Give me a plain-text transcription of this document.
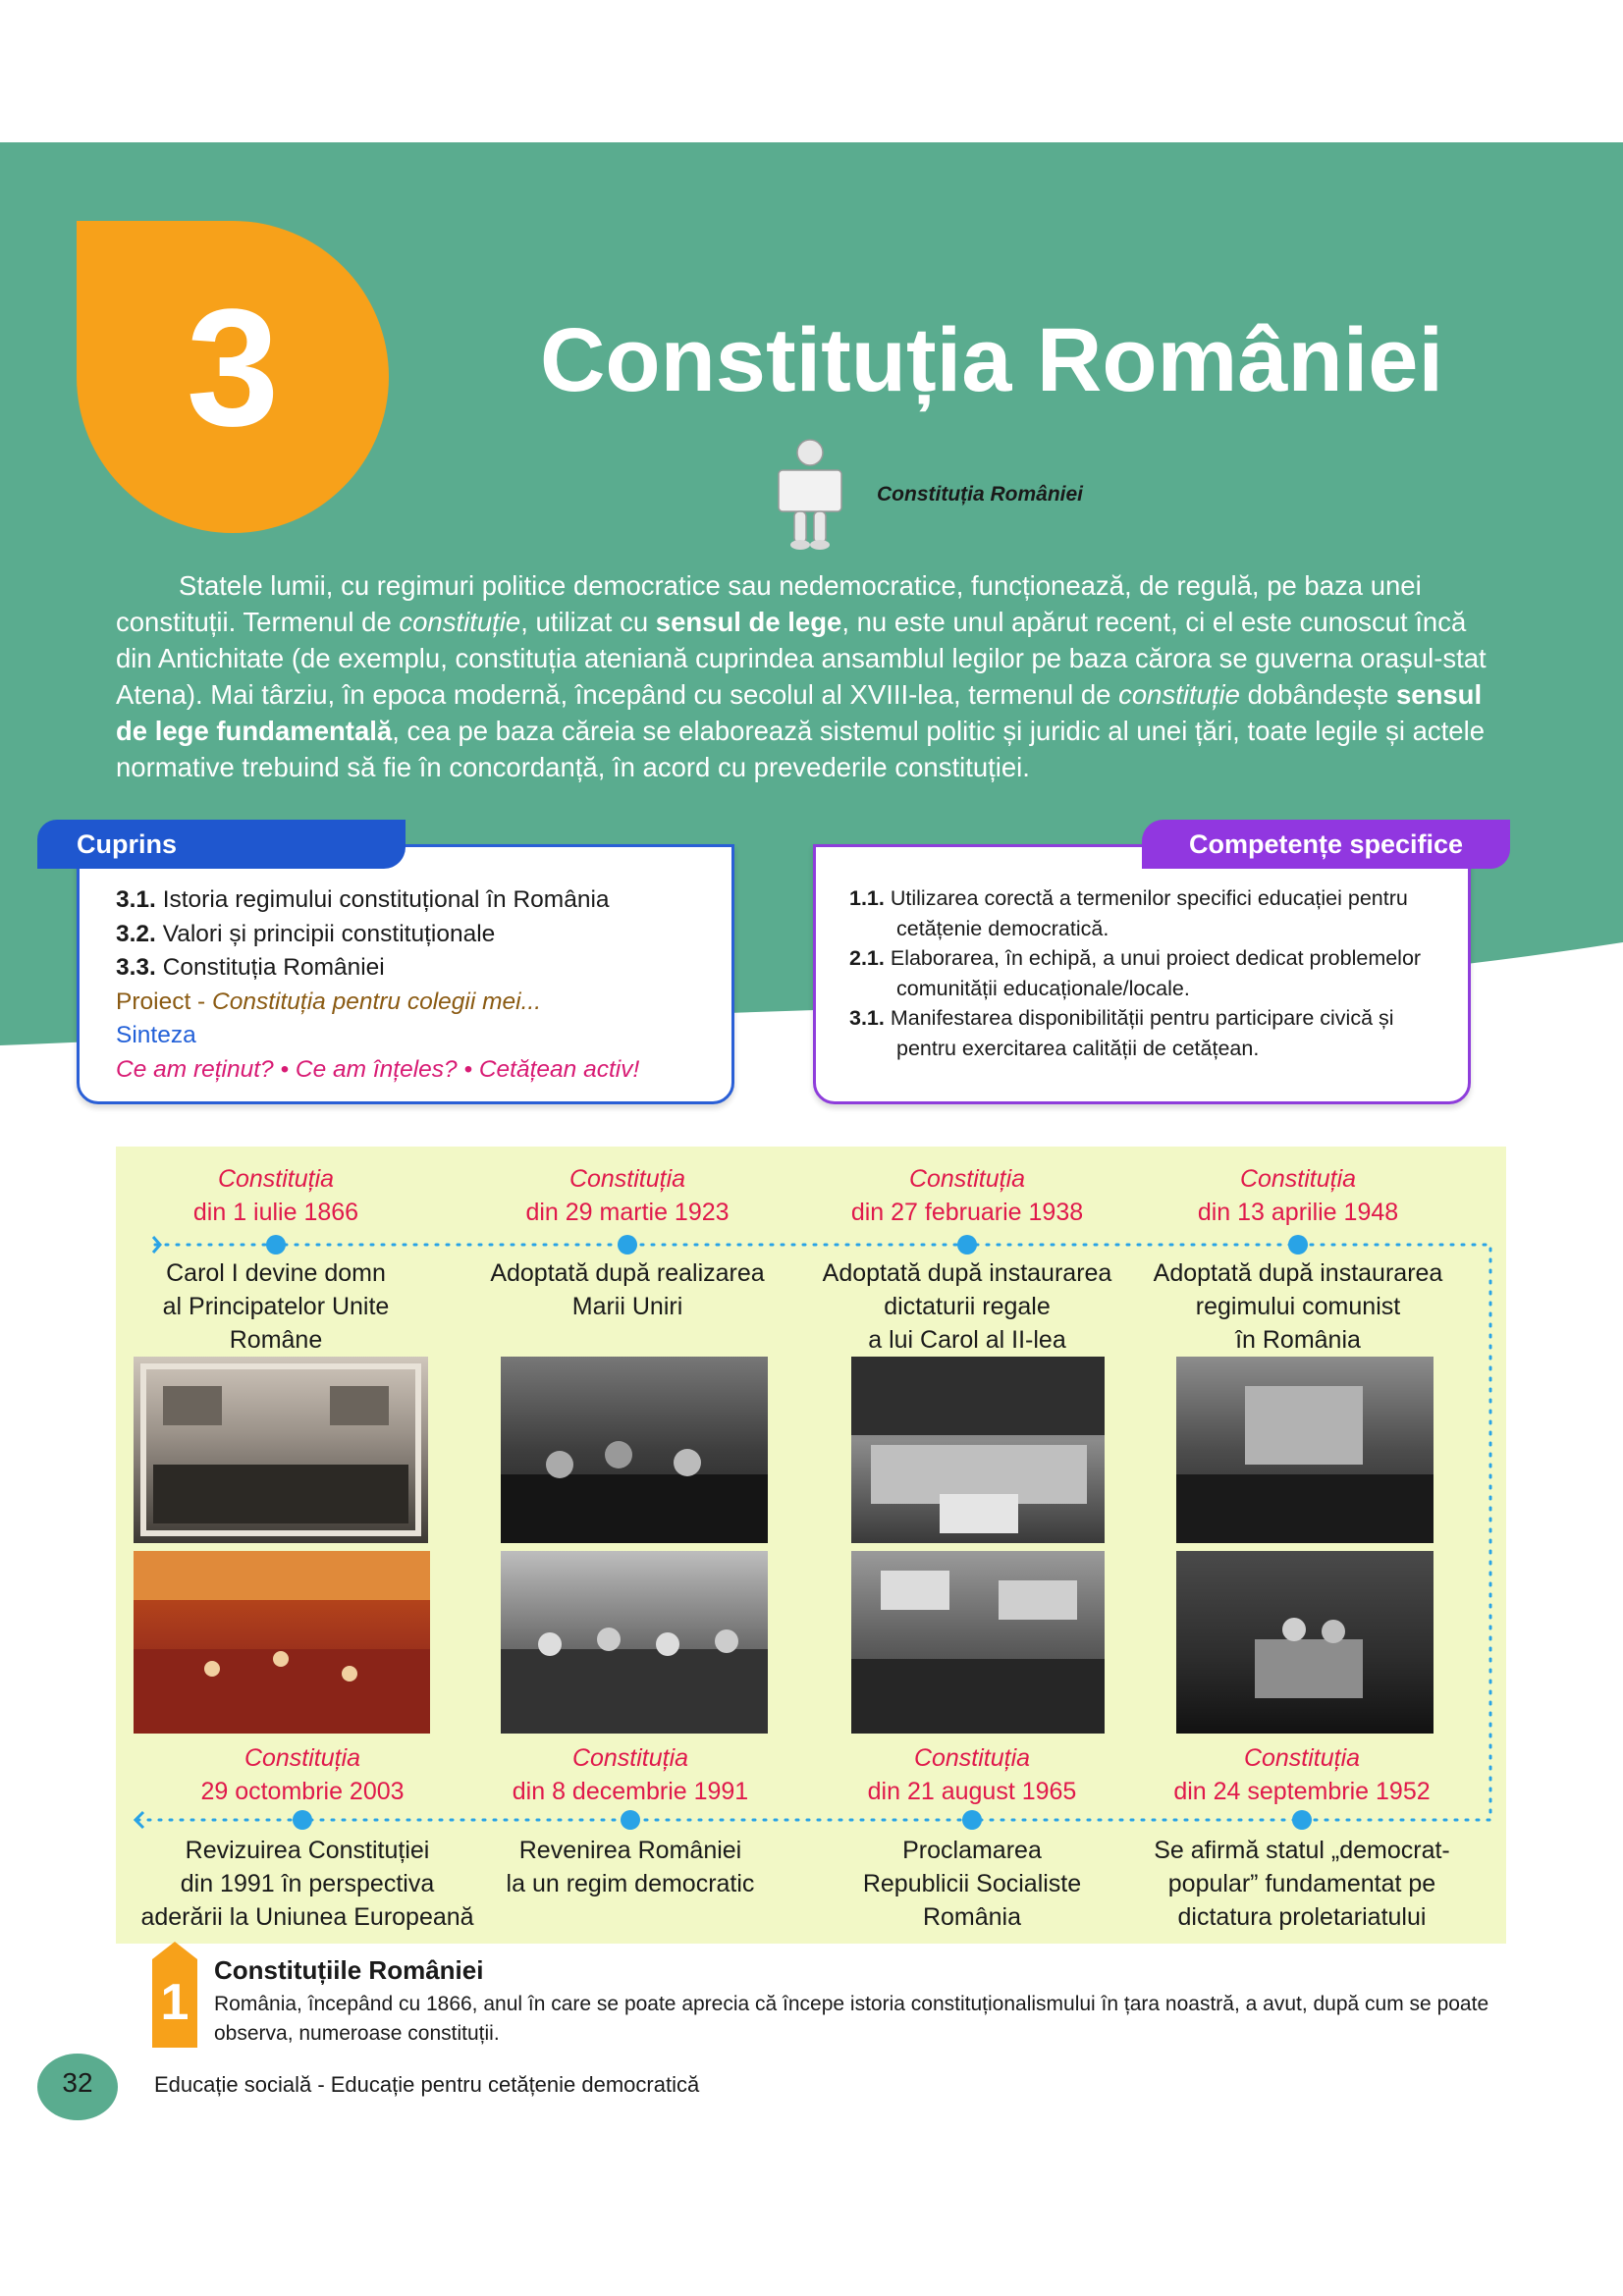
3	Constituția României
Constituția României

Statele lumii, cu regimuri politice democratice sau nedemocratice, funcționează, de regulă, pe baza unei constituții. Termenul de constituție, utilizat cu sensul de lege, nu este unul apărut recent, ci el este cunoscut încă din Antichitate (de exemplu, constituția ateniană cuprindea ansamblul legilor pe baza cărora se guverna orașul-stat Atena). Mai târziu, în epoca modernă, începând cu secolul al XVIII-lea, termenul de constituție dobândește sensul de lege fundamentală, cea pe baza căreia se elaborează sistemul politic și juridic al unei țări, toate legile și actele normative trebuind să fie în concordanță, în acord cu prevederile constituției.

Cuprins
3.1. Istoria regimului constituțional în România
3.2. Valori și principii constituționale
3.3. Constituția României
Proiect - Constituția pentru colegii mei...
Sinteza
Ce am reținut? • Ce am înțeles? • Cetățean activ!
Competențe specifice
1.1. Utilizarea corectă a termenilor specifici educației pentru cetățenie democratică.
2.1. Elaborarea, în echipă, a unui proiect dedicat problemelor comunității educaționale/locale.
3.1. Manifestarea disponibilității pentru participare civică și pentru exercitarea calității de cetățean.
Constituția
din 1 iulie 1866
Constituția
din 29 martie 1923
Constituția
din 27 februarie 1938
Constituția
din 13 aprilie 1948
Carol I devine domn
al Principatelor Unite
Române
Adoptată după realizarea
Marii Uniri
Adoptată după instaurarea
dictaturii regale
a lui Carol al II-lea
Adoptată după instaurarea
regimului comunist
în România
Constituția
29 octombrie 2003
Constituția
din 8 decembrie 1991
Constituția
din 21 august 1965
Constituția
din 24 septembrie 1952
Revizuirea Constituției
din 1991 în perspectiva
aderării la Uniunea Europeană
Revenirea României
la un regim democratic
Proclamarea
Republicii Socialiste
România
Se afirmă statul „democrat-
popular” fundamentat pe
dictatura proletariatului
1
Constituțiile României
România, începând cu 1866, anul în care se poate aprecia că începe istoria constituționalismului în țara noastră, a avut, după cum se poate observa, numeroase constituții.
32	Educație socială - Educație pentru cetățenie democratică
